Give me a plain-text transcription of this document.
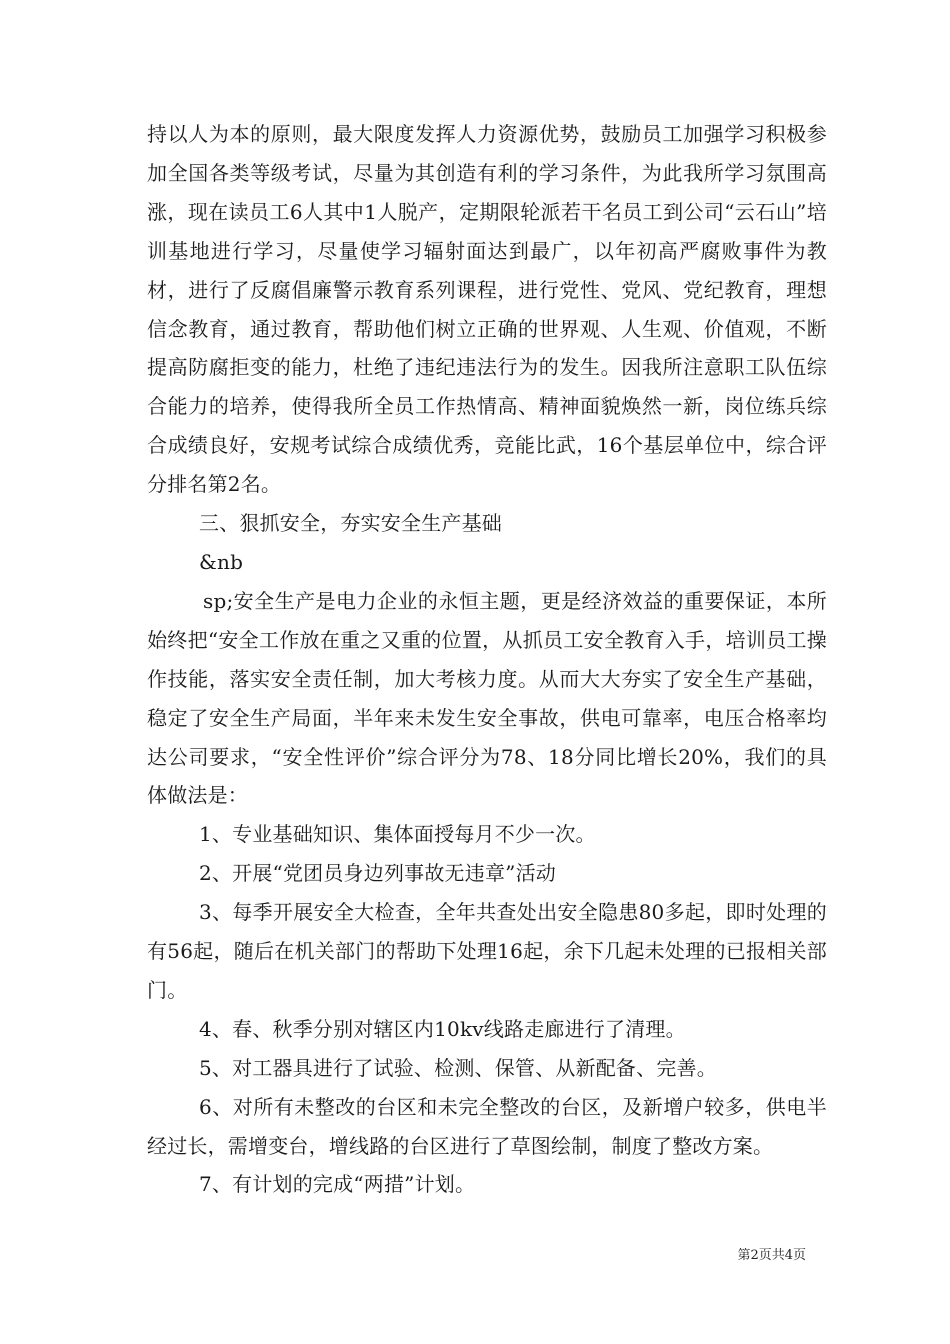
持以人为本的原则，最大限度发挥人力资源优势，鼓励员工加强学习积极参加全国各类等级考试，尽量为其创造有利的学习条件，为此我所学习氛围高涨，现在读员工6人其中1人脱产，定期限轮派若干名员工到公司“云石山”培训基地进行学习，尽量使学习辐射面达到最广，以年初高严腐败事件为教材，进行了反腐倡廉警示教育系列课程，进行党性、党风、党纪教育，理想信念教育，通过教育，帮助他们树立正确的世界观、人生观、价值观，不断提高防腐拒变的能力，杜绝了违纪违法行为的发生。因我所注意职工队伍综合能力的培养，使得我所全员工作热情高、精神面貌焕然一新，岗位练兵综合成绩良好，安规考试综合成绩优秀，竞能比武，16个基层单位中，综合评分排名第2名。

三、狠抓安全，夯实安全生产基础

&nb

sp;安全生产是电力企业的永恒主题，更是经济效益的重要保证，本所始终把“安全工作放在重之又重的位置，从抓员工安全教育入手，培训员工操作技能，落实安全责任制，加大考核力度。从而大大夯实了安全生产基础，稳定了安全生产局面，半年来未发生安全事故，供电可靠率，电压合格率均达公司要求，“安全性评价”综合评分为78、18分同比增长20%，我们的具体做法是：

1、专业基础知识、集体面授每月不少一次。

2、开展“党团员身边列事故无违章”活动

3、每季开展安全大检查，全年共查处出安全隐患80多起，即时处理的有56起，随后在机关部门的帮助下处理16起，余下几起未处理的已报相关部门。

4、春、秋季分别对辖区内10kv线路走廊进行了清理。

5、对工器具进行了试验、检测、保管、从新配备、完善。

6、对所有未整改的台区和未完全整改的台区，及新增户较多，供电半经过长，需增变台，增线路的台区进行了草图绘制，制度了整改方案。

7、有计划的完成“两措”计划。

第2页共4页
